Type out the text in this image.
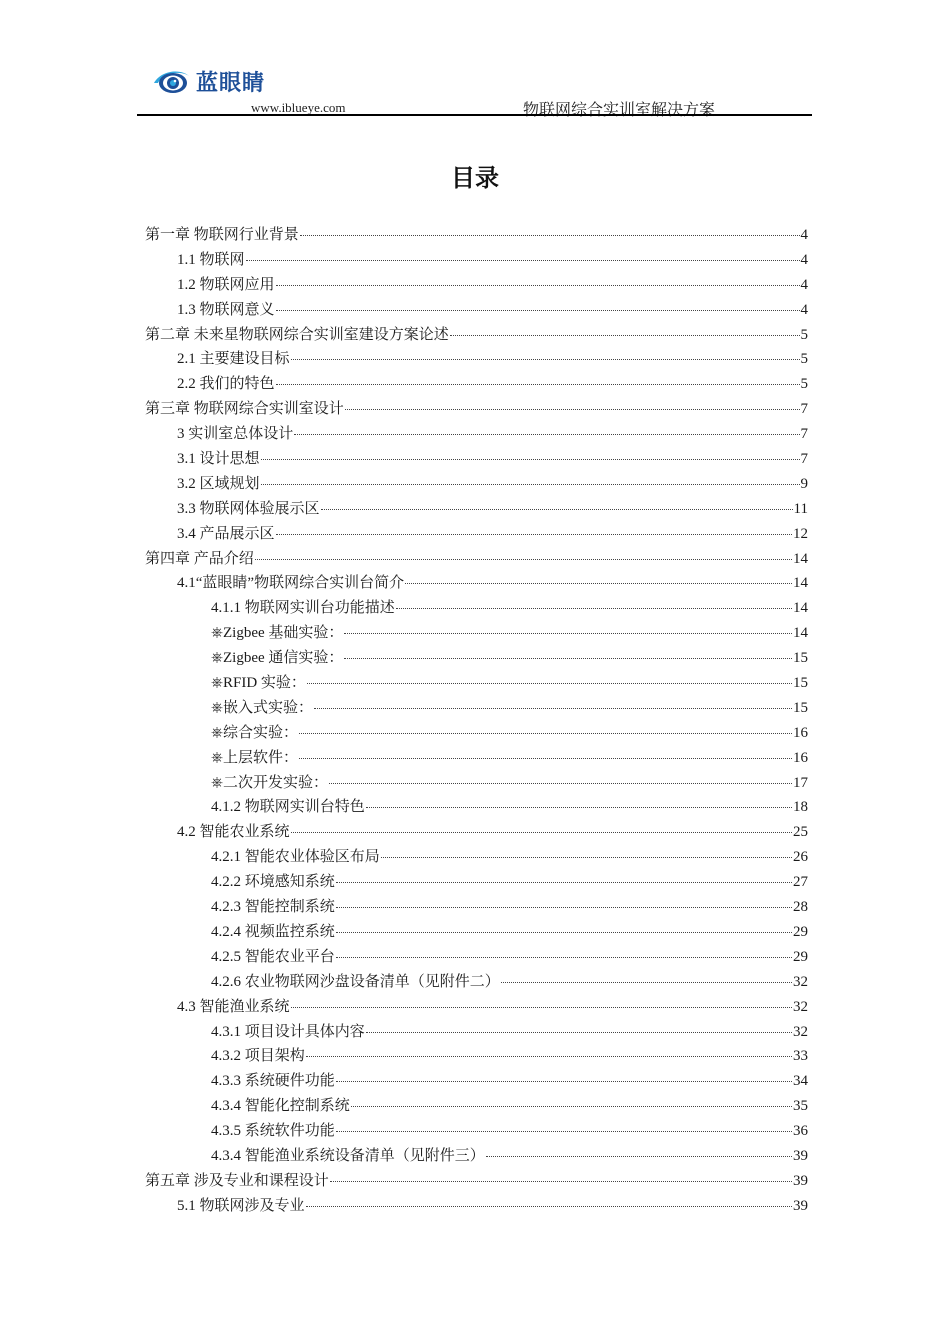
蓝眼睛
www.iblueye.com	物联网综合实训室解决方案
目录
第一章 物联网行业背景	4
1.1 物联网	4
1.2 物联网应用	4
1.3 物联网意义	4
第二章 未来星物联网综合实训室建设方案论述	5
2.1 主要建设目标	5
2.2 我们的特色	5
第三章 物联网综合实训室设计	7
3 实训室总体设计	7
3.1 设计思想	7
3.2 区域规划	9
3.3 物联网体验展示区	11
3.4 产品展示区	12
第四章 产品介绍	14
4.1“蓝眼睛”物联网综合实训台简介	14
4.1.1 物联网实训台功能描述	14
⎈Zigbee 基础实验：	14
⎈Zigbee 通信实验：	15
⎈RFID 实验：	15
⎈嵌入式实验：	15
⎈综合实验：	16
⎈上层软件：	16
⎈二次开发实验：	17
4.1.2 物联网实训台特色	18
4.2 智能农业系统	25
4.2.1 智能农业体验区布局	26
4.2.2 环境感知系统	27
4.2.3 智能控制系统	28
4.2.4 视频监控系统	29
4.2.5 智能农业平台	29
4.2.6 农业物联网沙盘设备清单（见附件二）	32
4.3 智能渔业系统	32
4.3.1 项目设计具体内容	32
4.3.2 项目架构	33
4.3.3 系统硬件功能	34
4.3.4 智能化控制系统	35
4.3.5 系统软件功能	36
4.3.4 智能渔业系统设备清单（见附件三）	39
第五章 涉及专业和课程设计	39
5.1 物联网涉及专业	39
